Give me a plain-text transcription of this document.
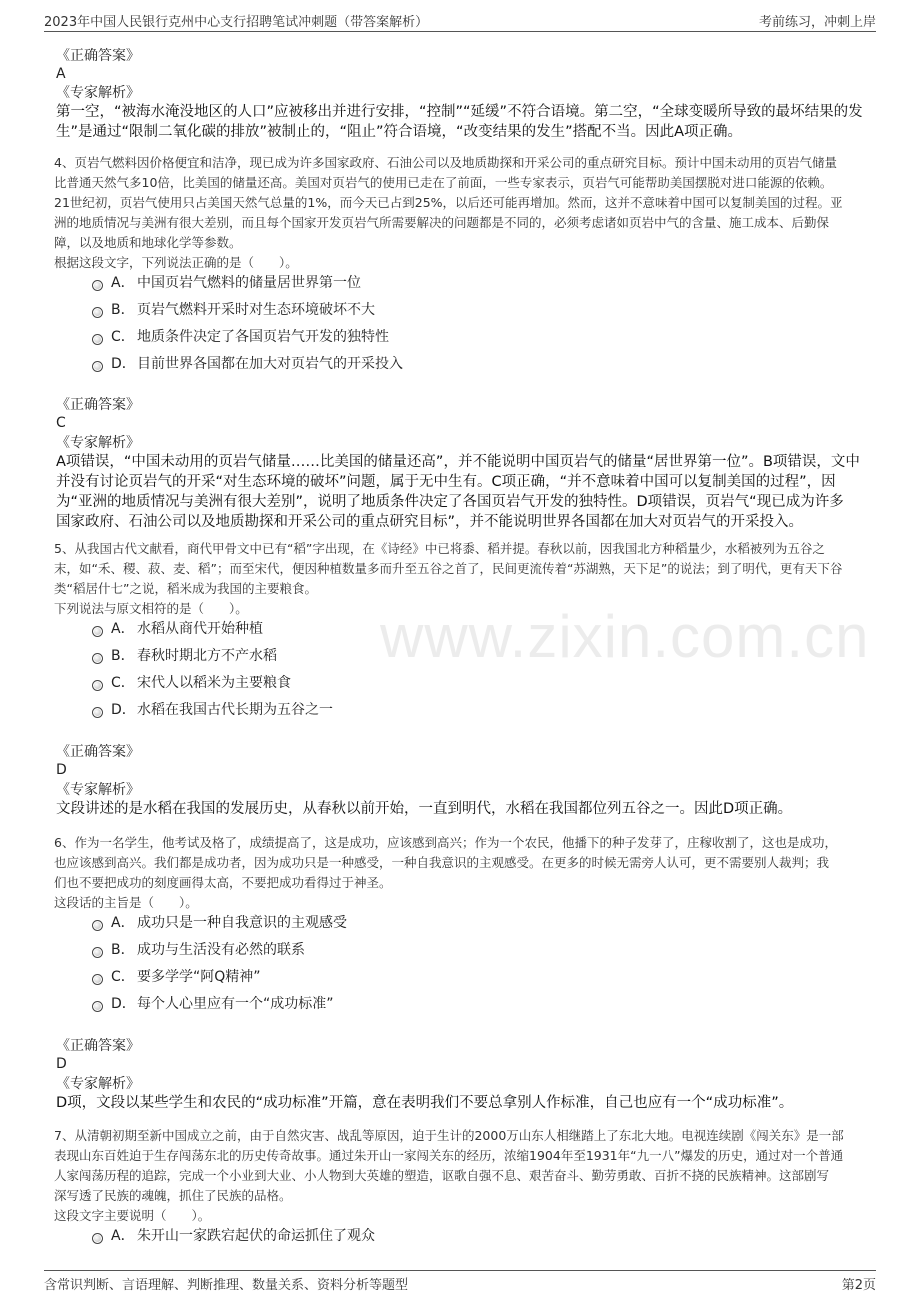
2023年中国人民银行克州中心支行招聘笔试冲刺题（带答案解析）	考前练习，冲刺上岸
www.zixin.com.cn
《正确答案》
A
《专家解析》
第一空，“被海水淹没地区的人口”应被移出并进行安排，“控制”“延缓”不符合语境。第二空，“全球变暖所导致的最坏结果的发
生”是通过“限制二氧化碳的排放”被制止的，“阻止”符合语境，“改变结果的发生”搭配不当。因此A项正确。
4、页岩气燃料因价格便宜和洁净，现已成为许多国家政府、石油公司以及地质勘探和开采公司的重点研究目标。预计中国未动用的页岩气储量
比普通天然气多10倍，比美国的储量还高。美国对页岩气的使用已走在了前面，一些专家表示，页岩气可能帮助美国摆脱对进口能源的依赖。
21世纪初，页岩气使用只占美国天然气总量的1%，而今天已占到25%，以后还可能再增加。然而，这并不意味着中国可以复制美国的过程。亚
洲的地质情况与美洲有很大差别，而且每个国家开发页岩气所需要解决的问题都是不同的，必须考虑诸如页岩中气的含量、施工成本、后勤保
障，以及地质和地球化学等参数。
根据这段文字，下列说法正确的是（　　）。
A． 中国页岩气燃料的储量居世界第一位
B． 页岩气燃料开采时对生态环境破坏不大
C． 地质条件决定了各国页岩气开发的独特性
D． 目前世界各国都在加大对页岩气的开采投入
《正确答案》
C
《专家解析》
A项错误，“中国未动用的页岩气储量……比美国的储量还高”，并不能说明中国页岩气的储量“居世界第一位”。B项错误，文中
并没有讨论页岩气的开采“对生态环境的破坏”问题，属于无中生有。C项正确，“并不意味着中国可以复制美国的过程”，因
为“亚洲的地质情况与美洲有很大差别”，说明了地质条件决定了各国页岩气开发的独特性。D项错误，页岩气“现已成为许多
国家政府、石油公司以及地质勘探和开采公司的重点研究目标”，并不能说明世界各国都在加大对页岩气的开采投入。
5、从我国古代文献看，商代甲骨文中已有“稻”字出现，在《诗经》中已将黍、稻并提。春秋以前，因我国北方种稻量少，水稻被列为五谷之
末，如“禾、稷、菽、麦、稻”；而至宋代，便因种植数量多而升至五谷之首了，民间更流传着“苏湖熟，天下足”的说法；到了明代，更有天下谷
类“稻居什七”之说，稻米成为我国的主要粮食。
下列说法与原文相符的是（　　）。
A． 水稻从商代开始种植
B． 春秋时期北方不产水稻
C． 宋代人以稻米为主要粮食
D． 水稻在我国古代长期为五谷之一
《正确答案》
D
《专家解析》
文段讲述的是水稻在我国的发展历史，从春秋以前开始，一直到明代，水稻在我国都位列五谷之一。因此D项正确。
6、作为一名学生，他考试及格了，成绩提高了，这是成功，应该感到高兴；作为一个农民，他播下的种子发芽了，庄稼收割了，这也是成功，
也应该感到高兴。我们都是成功者，因为成功只是一种感受，一种自我意识的主观感受。在更多的时候无需旁人认可，更不需要别人裁判；我
们也不要把成功的刻度画得太高，不要把成功看得过于神圣。
这段话的主旨是（　　）。
A． 成功只是一种自我意识的主观感受
B． 成功与生活没有必然的联系
C． 要多学学“阿Q精神”
D． 每个人心里应有一个“成功标准”
《正确答案》
D
《专家解析》
D项，文段以某些学生和农民的“成功标准”开篇，意在表明我们不要总拿别人作标准，自己也应有一个“成功标准”。
7、从清朝初期至新中国成立之前，由于自然灾害、战乱等原因，迫于生计的2000万山东人相继踏上了东北大地。电视连续剧《闯关东》是一部
表现山东百姓迫于生存闯荡东北的历史传奇故事。通过朱开山一家闯关东的经历，浓缩1904年至1931年“九一八”爆发的历史，通过对一个普通
人家闯荡历程的追踪，完成一个小业到大业、小人物到大英雄的塑造，讴歌自强不息、艰苦奋斗、勤劳勇敢、百折不挠的民族精神。这部剧写
深写透了民族的魂魄，抓住了民族的品格。
这段文字主要说明（　　）。
A． 朱开山一家跌宕起伏的命运抓住了观众
含常识判断、言语理解、判断推理、数量关系、资料分析等题型	第2页
